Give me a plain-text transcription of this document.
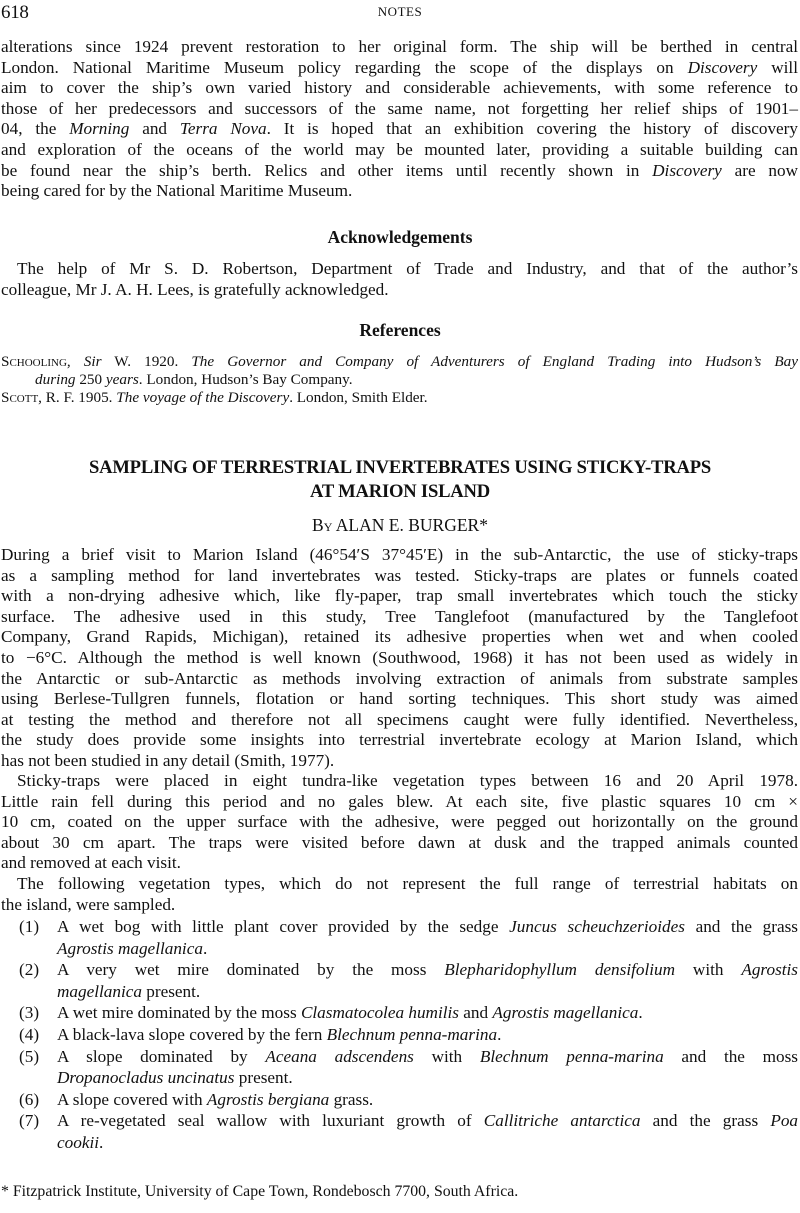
618	NOTES
alterations since 1924 prevent restoration to her original form. The ship will be berthed in central
London. National Maritime Museum policy regarding the scope of the displays on Discovery will
aim to cover the ship’s own varied history and considerable achievements, with some reference to
those of her predecessors and successors of the same name, not forgetting her relief ships of 1901–
04, the Morning and Terra Nova. It is hoped that an exhibition covering the history of discovery
and exploration of the oceans of the world may be mounted later, providing a suitable building can
be found near the ship’s berth. Relics and other items until recently shown in Discovery are now
being cared for by the National Maritime Museum.
Acknowledgements
The help of Mr S. D. Robertson, Department of Trade and Industry, and that of the author’s
colleague, Mr J. A. H. Lees, is gratefully acknowledged.
References
Schooling, Sir W. 1920. The Governor and Company of Adventurers of England Trading into Hudson’s Bay
during 250 years. London, Hudson’s Bay Company.
Scott, R. F. 1905. The voyage of the Discovery. London, Smith Elder.
SAMPLING OF TERRESTRIAL INVERTEBRATES USING STICKY-TRAPS
AT MARION ISLAND
By ALAN E. BURGER*
During a brief visit to Marion Island (46°54′S 37°45′E) in the sub-Antarctic, the use of sticky-traps
as a sampling method for land invertebrates was tested. Sticky-traps are plates or funnels coated
with a non-drying adhesive which, like fly-paper, trap small invertebrates which touch the sticky
surface. The adhesive used in this study, Tree Tanglefoot (manufactured by the Tanglefoot
Company, Grand Rapids, Michigan), retained its adhesive properties when wet and when cooled
to −6°C. Although the method is well known (Southwood, 1968) it has not been used as widely in
the Antarctic or sub-Antarctic as methods involving extraction of animals from substrate samples
using Berlese-Tullgren funnels, flotation or hand sorting techniques. This short study was aimed
at testing the method and therefore not all specimens caught were fully identified. Nevertheless,
the study does provide some insights into terrestrial invertebrate ecology at Marion Island, which
has not been studied in any detail (Smith, 1977).
Sticky-traps were placed in eight tundra-like vegetation types between 16 and 20 April 1978.
Little rain fell during this period and no gales blew. At each site, five plastic squares 10 cm ×
10 cm, coated on the upper surface with the adhesive, were pegged out horizontally on the ground
about 30 cm apart. The traps were visited before dawn at dusk and the trapped animals counted
and removed at each visit.
The following vegetation types, which do not represent the full range of terrestrial habitats on
the island, were sampled.
(1) A wet bog with little plant cover provided by the sedge Juncus scheuchzerioides and the grass
Agrostis magellanica.
(2) A very wet mire dominated by the moss Blepharidophyllum densifolium with Agrostis
magellanica present.
(3) A wet mire dominated by the moss Clasmatocolea humilis and Agrostis magellanica.
(4) A black-lava slope covered by the fern Blechnum penna-marina.
(5) A slope dominated by Aceana adscendens with Blechnum penna-marina and the moss
Dropanocladus uncinatus present.
(6) A slope covered with Agrostis bergiana grass.
(7) A re-vegetated seal wallow with luxuriant growth of Callitriche antarctica and the grass Poa
cookii.
* Fitzpatrick Institute, University of Cape Town, Rondebosch 7700, South Africa.
